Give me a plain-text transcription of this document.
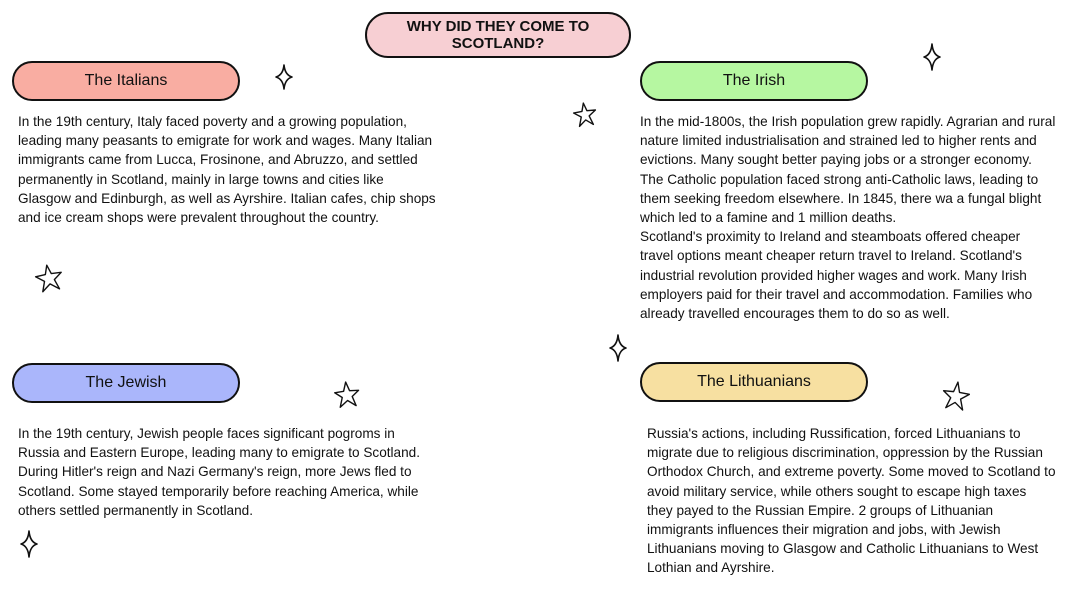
WHY DID THEY COME TO
SCOTLAND?
The Italians
In the 19th century, Italy faced poverty and a growing population,
leading many peasants to emigrate for work and wages. Many Italian
immigrants came from Lucca, Frosinone, and Abruzzo, and settled
permanently in Scotland, mainly in large towns and cities like
Glasgow and Edinburgh, as well as Ayrshire. Italian cafes, chip shops
and ice cream shops were prevalent throughout the country.
The Irish
In the mid-1800s, the Irish population grew rapidly. Agrarian and rural
nature limited industrialisation and strained led to higher rents and
evictions. Many sought better paying jobs or a stronger economy.
The Catholic population faced strong anti-Catholic laws, leading to
them seeking freedom elsewhere. In 1845, there wa a fungal blight
which led to a famine and 1 million deaths.
Scotland's proximity to Ireland and steamboats offered cheaper
travel options meant cheaper return travel to Ireland. Scotland's
industrial revolution provided higher wages and work. Many Irish
employers paid for their travel and accommodation. Families who
already travelled encourages them to do so as well.
The Jewish
In the 19th century, Jewish people faces significant pogroms in
Russia and Eastern Europe, leading many to emigrate to Scotland.
During Hitler's reign and Nazi Germany's reign, more Jews fled to
Scotland. Some stayed temporarily before reaching America, while
others settled permanently in Scotland.
The Lithuanians
Russia's actions, including Russification, forced Lithuanians to
migrate due to religious discrimination, oppression by the Russian
Orthodox Church, and extreme poverty. Some moved to Scotland to
avoid military service, while others sought to escape high taxes
they payed to the Russian Empire. 2 groups of Lithuanian
immigrants influences their migration and jobs, with Jewish
Lithuanians moving to Glasgow and Catholic Lithuanians to West
Lothian and Ayrshire.
